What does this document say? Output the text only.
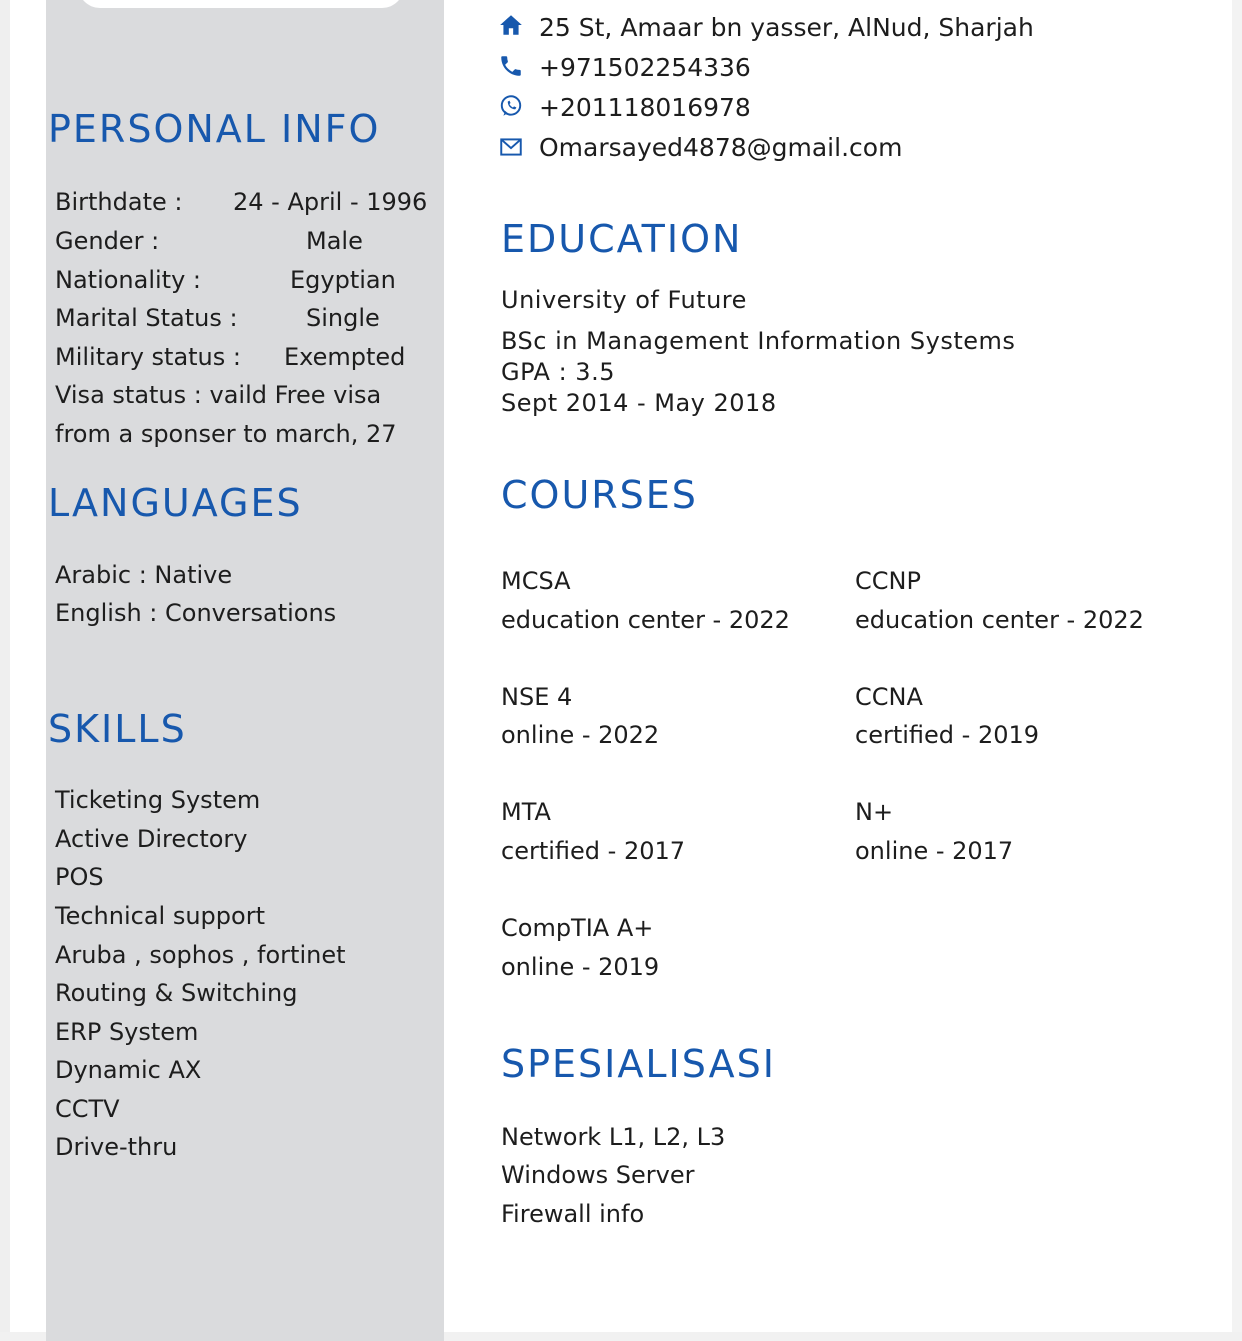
25 St, Amaar bn yasser, AlNud, Sharjah
+971502254336
+201118016978
Omarsayed4878@gmail.com
PERSONAL INFO
Birthdate : 24 - April - 1996
Gender :	Male
Nationality :	Egyptian
Marital Status :	Single
Military status : Exempted
Visa status : vaild Free visa
from a sponser to march, 27
LANGUAGES
Arabic : Native
English : Conversations
SKILLS
Ticketing System
Active Directory
POS
Technical support
Aruba , sophos , fortinet
Routing & Switching
ERP System
Dynamic AX
CCTV
Drive-thru
EDUCATION
University of Future
BSc in Management Information Systems
GPA : 3.5
Sept 2014 - May 2018
COURSES
MCSA
education center - 2022
CCNP
education center - 2022
NSE 4
online - 2022
CCNA
certified - 2019
MTA
certified - 2017
N+
online - 2017
CompTIA A+
online - 2019
SPESIALISASI
Network L1, L2, L3
Windows Server
Firewall info
